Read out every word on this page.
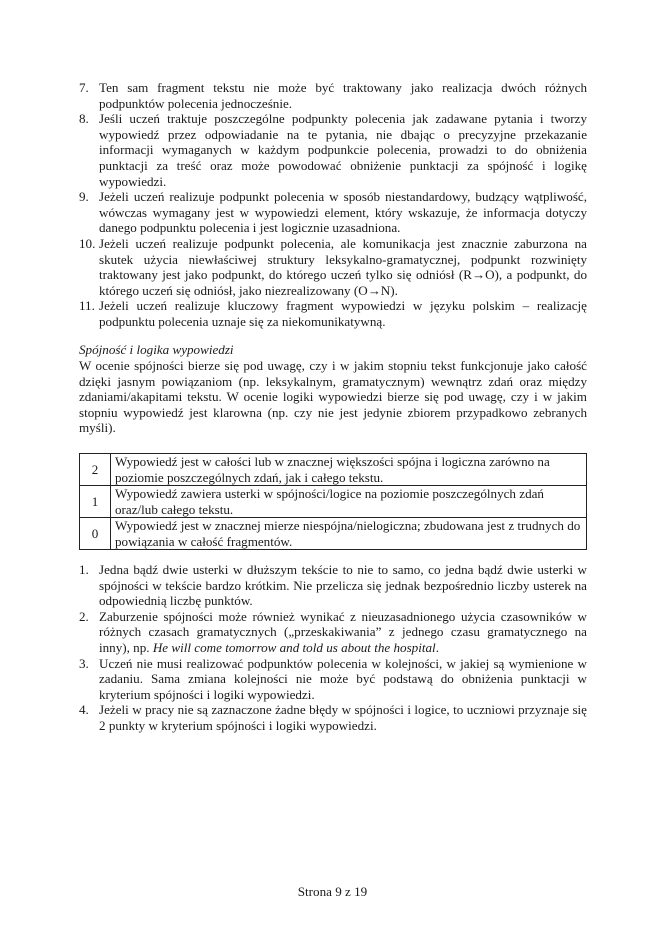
7. Ten sam fragment tekstu nie może być traktowany jako realizacja dwóch różnych podpunktów polecenia jednocześnie.
8. Jeśli uczeń traktuje poszczególne podpunkty polecenia jak zadawane pytania i tworzy wypowiedź przez odpowiadanie na te pytania, nie dbając o precyzyjne przekazanie informacji wymaganych w każdym podpunkcie polecenia, prowadzi to do obniżenia punktacji za treść oraz może powodować obniżenie punktacji za spójność i logikę wypowiedzi.
9. Jeżeli uczeń realizuje podpunkt polecenia w sposób niestandardowy, budzący wątpliwość, wówczas wymagany jest w wypowiedzi element, który wskazuje, że informacja dotyczy danego podpunktu polecenia i jest logicznie uzasadniona.
10. Jeżeli uczeń realizuje podpunkt polecenia, ale komunikacja jest znacznie zaburzona na skutek użycia niewłaściwej struktury leksykalno-gramatycznej, podpunkt rozwinięty traktowany jest jako podpunkt, do którego uczeń tylko się odniósł (R→O), a podpunkt, do którego uczeń się odniósł, jako niezrealizowany (O→N).
11. Jeżeli uczeń realizuje kluczowy fragment wypowiedzi w języku polskim – realizację podpunktu polecenia uznaje się za niekomunikatywną.
Spójność i logika wypowiedzi

W ocenie spójności bierze się pod uwagę, czy i w jakim stopniu tekst funkcjonuje jako całość dzięki jasnym powiązaniom (np. leksykalnym, gramatycznym) wewnątrz zdań oraz między zdaniami/akapitami tekstu. W ocenie logiki wypowiedzi bierze się pod uwagę, czy i w jakim stopniu wypowiedź jest klarowna (np. czy nie jest jedynie zbiorem przypadkowo zebranych myśli).

2	Wypowiedź jest w całości lub w znacznej większości spójna i logiczna zarówno na poziomie poszczególnych zdań, jak i całego tekstu.
1	Wypowiedź zawiera usterki w spójności/logice na poziomie poszczególnych zdań oraz/lub całego tekstu.
0	Wypowiedź jest w znacznej mierze niespójna/nielogiczna; zbudowana jest z trudnych do powiązania w całość fragmentów.
1. Jedna bądź dwie usterki w dłuższym tekście to nie to samo, co jedna bądź dwie usterki w spójności w tekście bardzo krótkim. Nie przelicza się jednak bezpośrednio liczby usterek na odpowiednią liczbę punktów.
2. Zaburzenie spójności może również wynikać z nieuzasadnionego użycia czasowników w różnych czasach gramatycznych („przeskakiwania” z jednego czasu gramatycznego na inny), np. He will come tomorrow and told us about the hospital.
3. Uczeń nie musi realizować podpunktów polecenia w kolejności, w jakiej są wymienione w zadaniu. Sama zmiana kolejności nie może być podstawą do obniżenia punktacji w kryterium spójności i logiki wypowiedzi.
4. Jeżeli w pracy nie są zaznaczone żadne błędy w spójności i logice, to uczniowi przyznaje się 2 punkty w kryterium spójności i logiki wypowiedzi.
Strona 9 z 19
